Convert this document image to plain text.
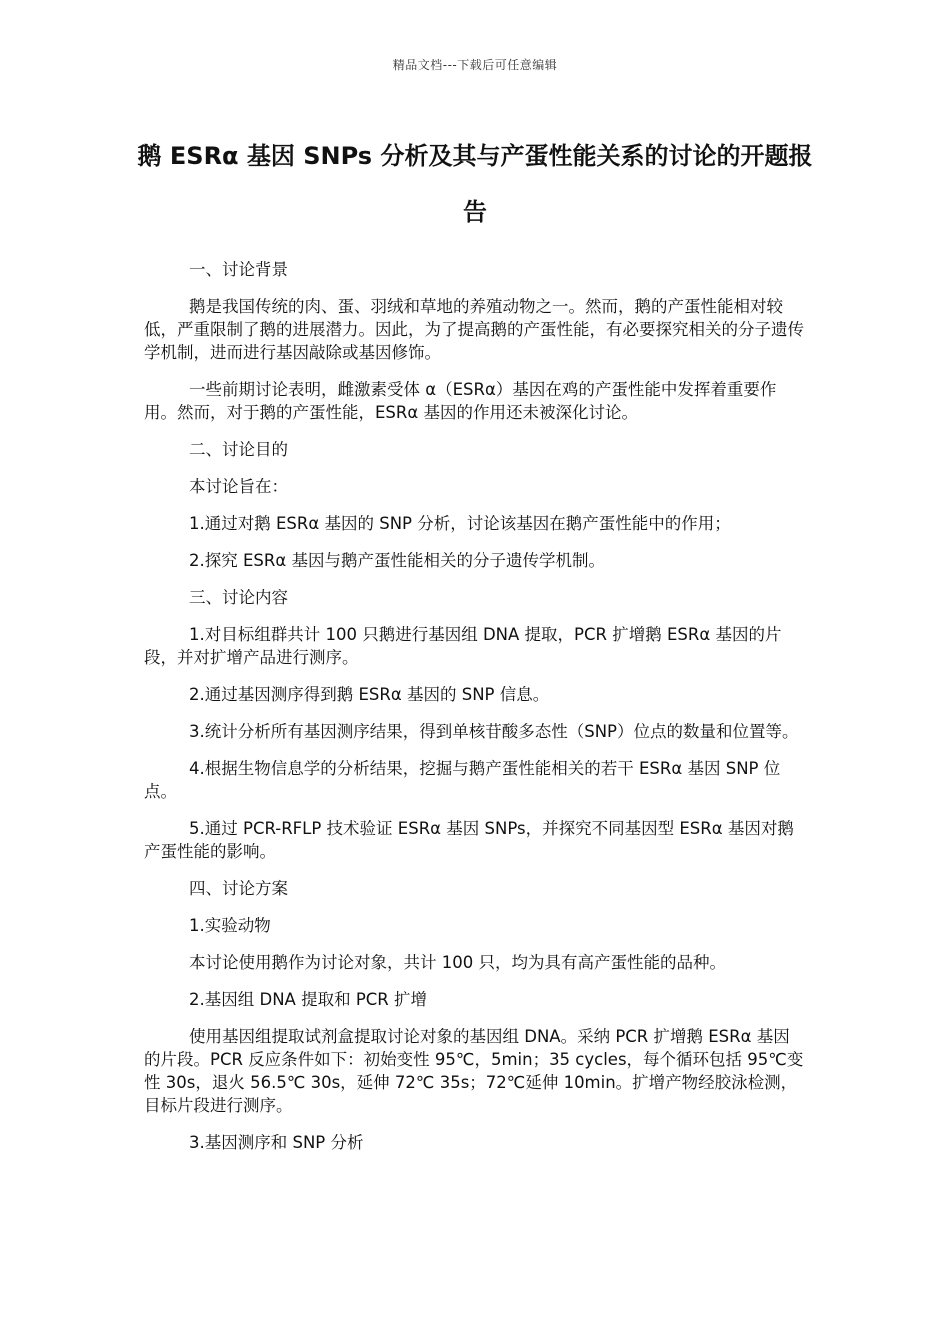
精品文档---下载后可任意编辑
鹅 ESRα 基因 SNPs 分析及其与产蛋性能关系的讨论的开题报告

一、讨论背景

鹅是我国传统的肉、蛋、羽绒和草地的养殖动物之一。然而，鹅的产蛋性能相对较低，严重限制了鹅的进展潜力。因此，为了提高鹅的产蛋性能，有必要探究相关的分子遗传学机制，进而进行基因敲除或基因修饰。

一些前期讨论表明，雌激素受体 α（ESRα）基因在鸡的产蛋性能中发挥着重要作用。然而，对于鹅的产蛋性能，ESRα 基因的作用还未被深化讨论。

二、讨论目的

本讨论旨在：

1.通过对鹅 ESRα 基因的 SNP 分析，讨论该基因在鹅产蛋性能中的作用；

2.探究 ESRα 基因与鹅产蛋性能相关的分子遗传学机制。

三、讨论内容

1.对目标组群共计 100 只鹅进行基因组 DNA 提取，PCR 扩增鹅 ESRα 基因的片段，并对扩增产品进行测序。

2.通过基因测序得到鹅 ESRα 基因的 SNP 信息。

3.统计分析所有基因测序结果，得到单核苷酸多态性（SNP）位点的数量和位置等。

4.根据生物信息学的分析结果，挖掘与鹅产蛋性能相关的若干 ESRα 基因 SNP 位点。

5.通过 PCR-RFLP 技术验证 ESRα 基因 SNPs，并探究不同基因型 ESRα 基因对鹅产蛋性能的影响。

四、讨论方案

1.实验动物

本讨论使用鹅作为讨论对象，共计 100 只，均为具有高产蛋性能的品种。

2.基因组 DNA 提取和 PCR 扩增

使用基因组提取试剂盒提取讨论对象的基因组 DNA。采纳 PCR 扩增鹅 ESRα 基因的片段。PCR 反应条件如下：初始变性 95℃，5min；35 cycles，每个循环包括 95℃变性 30s，退火 56.5℃ 30s，延伸 72℃ 35s；72℃延伸 10min。扩增产物经胶泳检测，目标片段进行测序。

3.基因测序和 SNP 分析
